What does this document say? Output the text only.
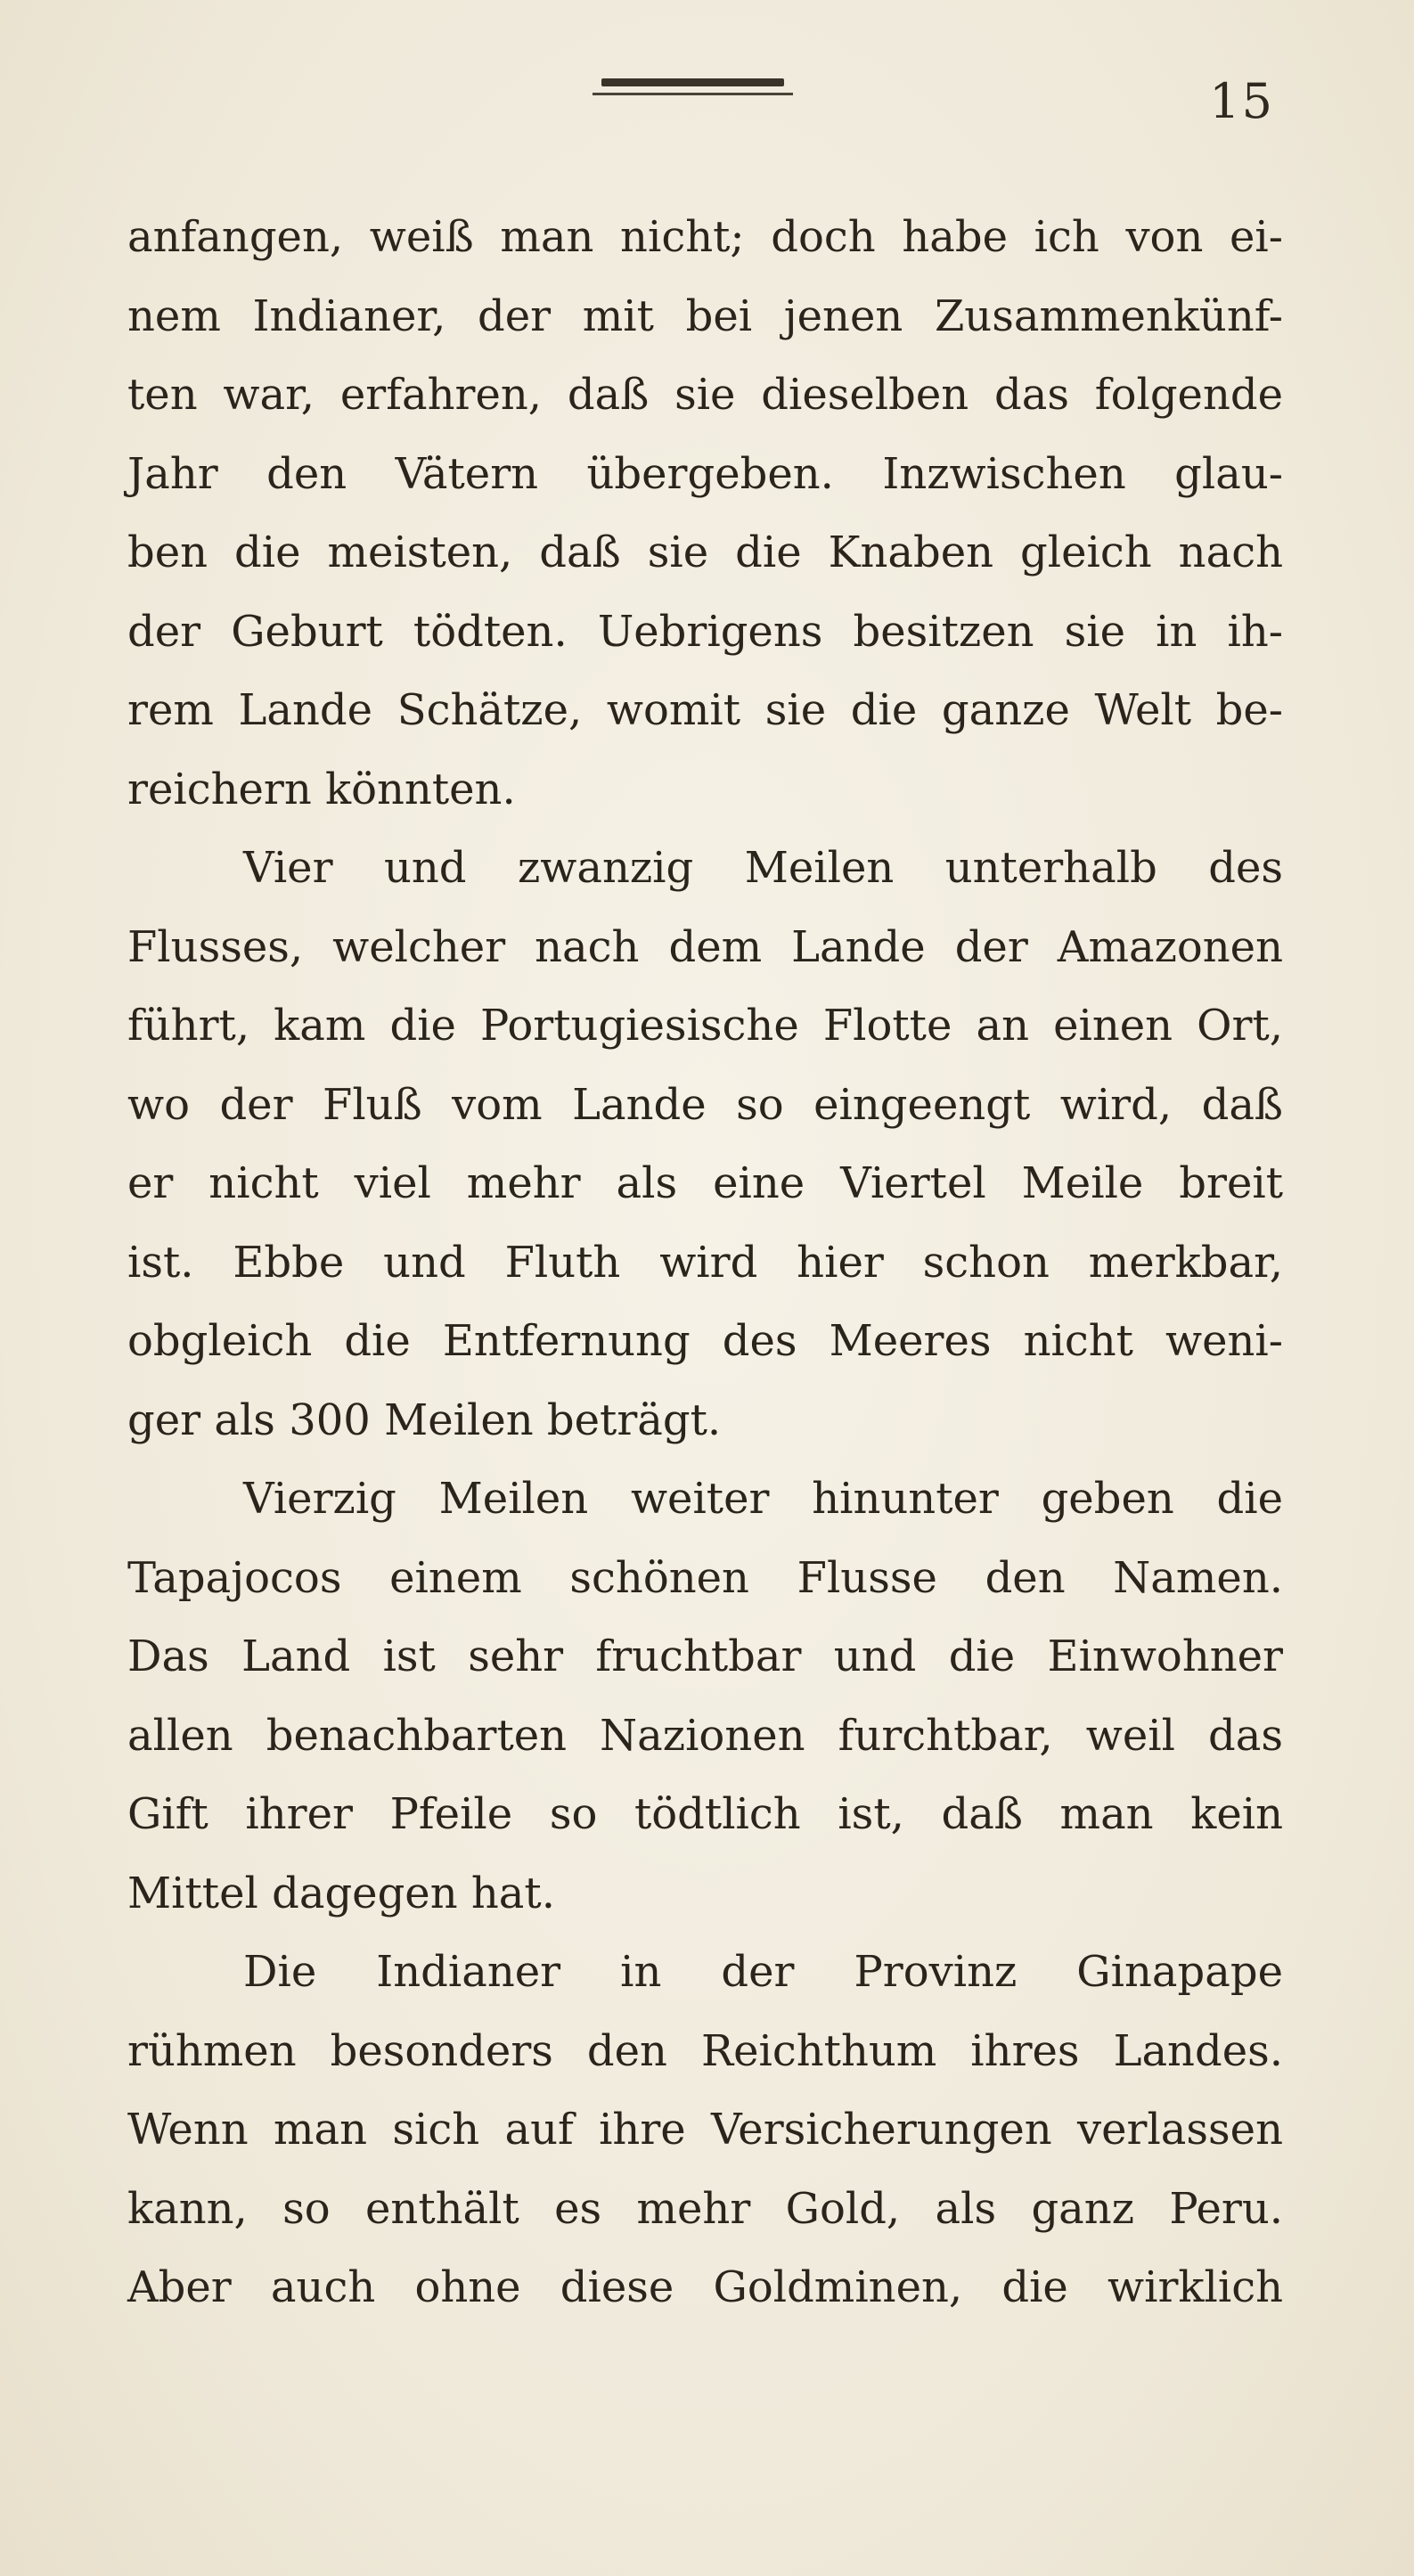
15
anfangen, weiß man nicht; doch habe ich von ei-
nem Indianer, der mit bei jenen Zusammenkünf-
ten war, erfahren, daß sie dieselben das folgende
Jahr den Vätern übergeben. Inzwischen glau-
ben die meisten, daß sie die Knaben gleich nach
der Geburt tödten. Uebrigens besitzen sie in ih-
rem Lande Schätze, womit sie die ganze Welt be-
reichern könnten.
Vier und zwanzig Meilen unterhalb des
Flusses, welcher nach dem Lande der Amazonen
führt, kam die Portugiesische Flotte an einen Ort,
wo der Fluß vom Lande so eingeengt wird, daß
er nicht viel mehr als eine Viertel Meile breit
ist. Ebbe und Fluth wird hier schon merkbar,
obgleich die Entfernung des Meeres nicht weni-
ger als 300 Meilen beträgt.
Vierzig Meilen weiter hinunter geben die
Tapajocos einem schönen Flusse den Namen.
Das Land ist sehr fruchtbar und die Einwohner
allen benachbarten Nazionen furchtbar, weil das
Gift ihrer Pfeile so tödtlich ist, daß man kein
Mittel dagegen hat.
Die Indianer in der Provinz Ginapape
rühmen besonders den Reichthum ihres Landes.
Wenn man sich auf ihre Versicherungen verlassen
kann, so enthält es mehr Gold, als ganz Peru.
Aber auch ohne diese Goldminen, die wirklich
